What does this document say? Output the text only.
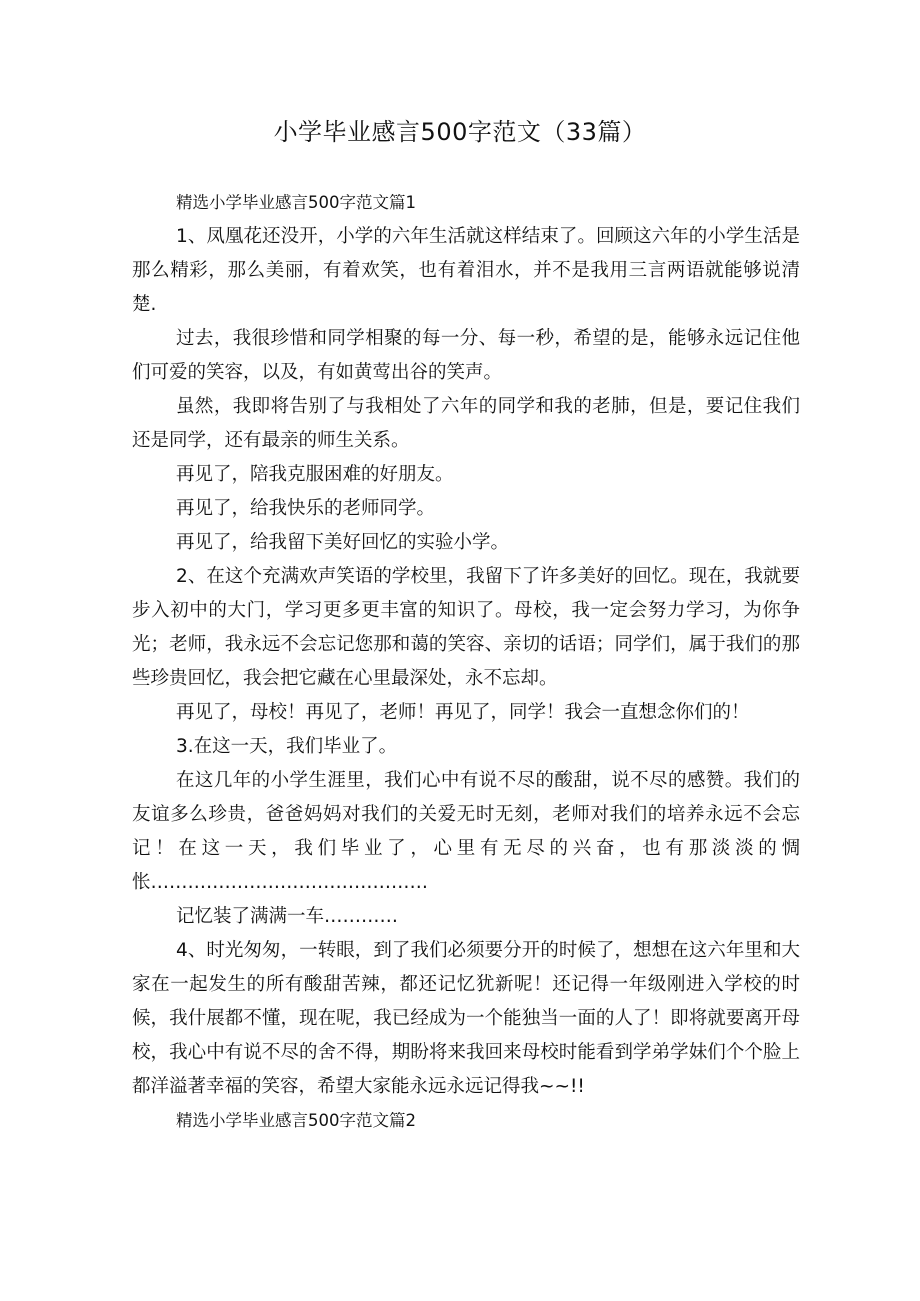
小学毕业感言500字范文（33篇）

精选小学毕业感言500字范文篇1

1、凤凰花还没开，小学的六年生活就这样结束了。回顾这六年的小学生活是那么精彩，那么美丽，有着欢笑，也有着泪水，并不是我用三言两语就能够说清楚.

过去，我很珍惜和同学相聚的每一分、每一秒，希望的是，能够永远记住他们可爱的笑容，以及，有如黄莺出谷的笑声。

虽然，我即将告别了与我相处了六年的同学和我的老肺，但是，要记住我们还是同学，还有最亲的师生关系。

再见了，陪我克服困难的好朋友。

再见了，给我快乐的老师同学。

再见了，给我留下美好回忆的实验小学。

2、在这个充满欢声笑语的学校里，我留下了许多美好的回忆。现在，我就要步入初中的大门，学习更多更丰富的知识了。母校，我一定会努力学习，为你争光；老师，我永远不会忘记您那和蔼的笑容、亲切的话语；同学们，属于我们的那些珍贵回忆，我会把它藏在心里最深处，永不忘却。

再见了，母校！再见了，老师！再见了，同学！我会一直想念你们的！

3.在这一天，我们毕业了。

在这几年的小学生涯里，我们心中有说不尽的酸甜，说不尽的感赞。我们的友谊多么珍贵，爸爸妈妈对我们的关爱无时无刻，老师对我们的培养永远不会忘记！在这一天，我们毕业了，心里有无尽的兴奋，也有那淡淡的惆怅………………………………………

记忆装了满满一车…………

4、时光匆匆，一转眼，到了我们必须要分开的时候了，想想在这六年里和大家在一起发生的所有酸甜苦辣，都还记忆犹新呢！还记得一年级刚进入学校的时候，我什展都不懂，现在呢，我已经成为一个能独当一面的人了！即将就要离开母校，我心中有说不尽的舍不得，期盼将来我回来母校时能看到学弟学妹们个个脸上都洋溢著幸福的笑容，希望大家能永远永远记得我~~!!

精选小学毕业感言500字范文篇2
